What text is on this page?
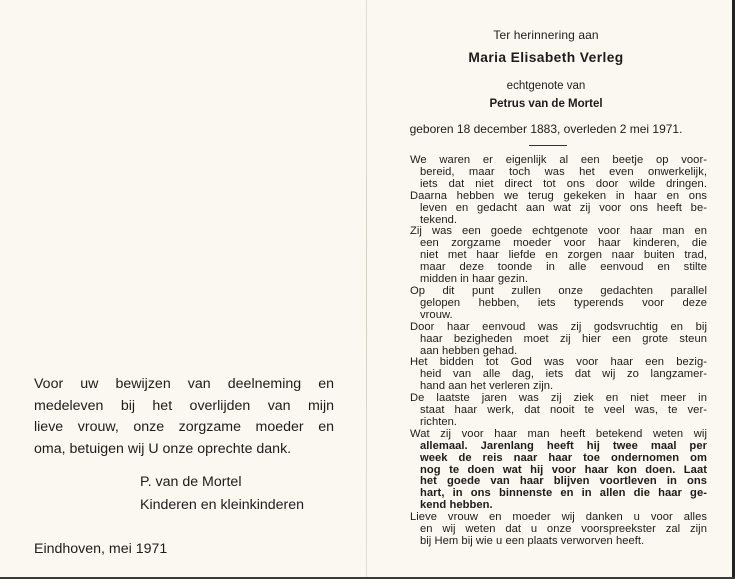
Voor uw bewijzen van deelneming en
medeleven bij het overlijden van mijn
lieve vrouw, onze zorgzame moeder en
oma, betuigen wij U onze oprechte dank.
P. van de Mortel
Kinderen en kleinkinderen
Eindhoven, mei 1971
Ter herinnering aan
Maria Elisabeth Verleg
echtgenote van
Petrus van de Mortel
geboren 18 december 1883, overleden 2 mei 1971.
We waren er eigenlijk al een beetje op voor-
bereid, maar toch was het even onwerkelijk,
iets dat niet direct tot ons door wilde dringen.
Daarna hebben we terug gekeken in haar en ons
leven en gedacht aan wat zij voor ons heeft be-
tekend.
Zij was een goede echtgenote voor haar man en
een zorgzame moeder voor haar kinderen, die
niet met haar liefde en zorgen naar buiten trad,
maar deze toonde in alle eenvoud en stilte
midden in haar gezin.
Op dit punt zullen onze gedachten parallel
gelopen hebben, iets typerends voor deze
vrouw.
Door haar eenvoud was zij godsvruchtig en bij
haar bezigheden moet zij hier een grote steun
aan hebben gehad.
Het bidden tot God was voor haar een bezig-
heid van alle dag, iets dat wij zo langzamer-
hand aan het verleren zijn.
De laatste jaren was zij ziek en niet meer in
staat haar werk, dat nooit te veel was, te ver-
richten.
Wat zij voor haar man heeft betekend weten wij
allemaal. Jarenlang heeft hij twee maal per
week de reis naar haar toe ondernomen om
nog te doen wat hij voor haar kon doen. Laat
het goede van haar blijven voortleven in ons
hart, in ons binnenste en in allen die haar ge-
kend hebben.
Lieve vrouw en moeder wij danken u voor alles
en wij weten dat u onze voorspreekster zal zijn
bij Hem bij wie u een plaats verworven heeft.
